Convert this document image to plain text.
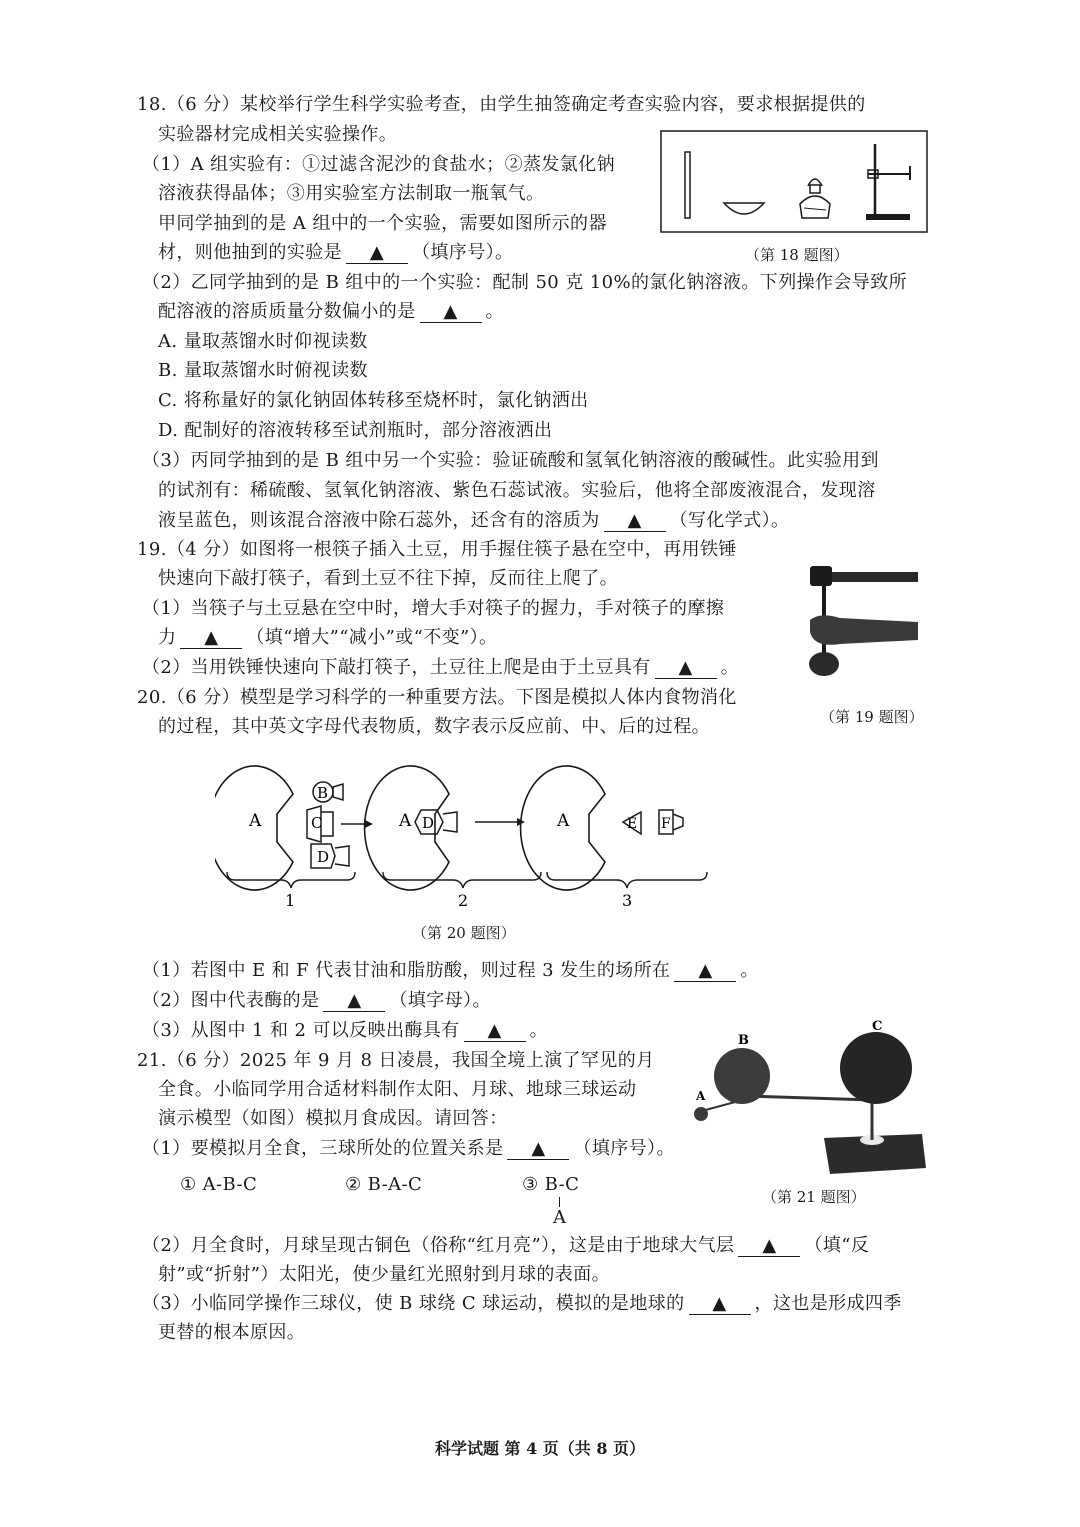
18.（6 分）某校举行学生科学实验考查，由学生抽签确定考查实验内容，要求根据提供的
实验器材完成相关实验操作。
（1）A 组实验有：①过滤含泥沙的食盐水；②蒸发氯化钠
溶液获得晶体；③用实验室方法制取一瓶氧气。
甲同学抽到的是 A 组中的一个实验，需要如图所示的器
材，则他抽到的实验是 ▲ （填序号）。	（第 18 题图）
（2）乙同学抽到的是 B 组中的一个实验：配制 50 克 10%的氯化钠溶液。下列操作会导致所
配溶液的溶质质量分数偏小的是 ▲ 。
A. 量取蒸馏水时仰视读数
B. 量取蒸馏水时俯视读数
C. 将称量好的氯化钠固体转移至烧杯时，氯化钠洒出
D. 配制好的溶液转移至试剂瓶时，部分溶液洒出
（3）丙同学抽到的是 B 组中另一个实验：验证硫酸和氢氧化钠溶液的酸碱性。此实验用到
的试剂有：稀硫酸、氢氧化钠溶液、紫色石蕊试液。实验后，他将全部废液混合，发现溶
液呈蓝色，则该混合溶液中除石蕊外，还含有的溶质为 ▲ （写化学式）。
19.（4 分）如图将一根筷子插入土豆，用手握住筷子悬在空中，再用铁锤
快速向下敲打筷子，看到土豆不往下掉，反而往上爬了。
（1）当筷子与土豆悬在空中时，增大手对筷子的握力，手对筷子的摩擦
力 ▲ （填“增大”“减小”或“不变”）。
（2）当用铁锤快速向下敲打筷子，土豆往上爬是由于土豆具有 ▲ 。
（第 19 题图）
20.（6 分）模型是学习科学的一种重要方法。下图是模拟人体内食物消化
的过程，其中英文字母代表物质，数字表示反应前、中、后的过程。
A
B
C
D
A D	A	E F
1	2	3
（第 20 题图）
（1）若图中 E 和 F 代表甘油和脂肪酸，则过程 3 发生的场所在 ▲ 。
（2）图中代表酶的是 ▲ （填字母）。
（3）从图中 1 和 2 可以反映出酶具有 ▲ 。
21.（6 分）2025 年 9 月 8 日凌晨，我国全境上演了罕见的月
全食。小临同学用合适材料制作太阳、月球、地球三球运动
演示模型（如图）模拟月食成因。请回答：
（1）要模拟月全食，三球所处的位置关系是 ▲ （填序号）。
① A-B-C	② B-A-C	③ B-C
A
B
C
A
（第 21 题图）
（2）月全食时，月球呈现古铜色（俗称“红月亮”），这是由于地球大气层 ▲ （填“反
射”或“折射”）太阳光，使少量红光照射到月球的表面。
（3）小临同学操作三球仪，使 B 球绕 C 球运动，模拟的是地球的 ▲ ，这也是形成四季
更替的根本原因。
科学试题 第 4 页（共 8 页）
